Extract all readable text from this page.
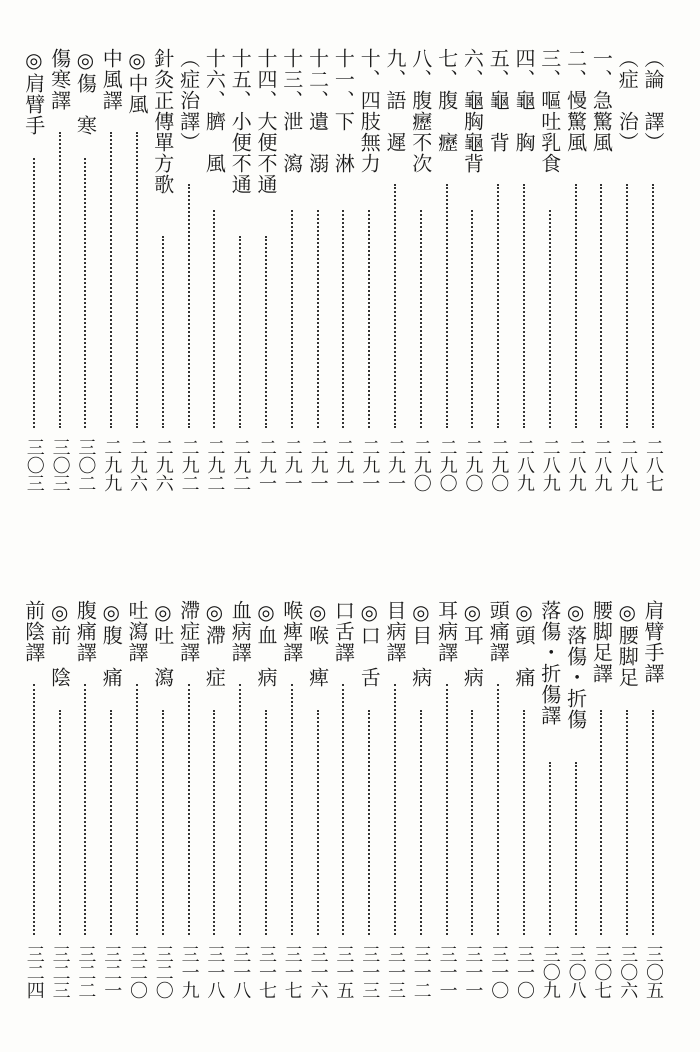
（論　譯）
二八七
（症　治）
二八九
一、急驚風
二八九
二、慢驚風
二八九
三、嘔吐乳食
二八九
四、龜　胸
二八九
五、龜　背
二九〇
六、龜胸龜背
二九〇
七、腹　癧
二九〇
八、腹癧不次
二九〇
九、語　遲
二九一
十、四肢無力
二九一
十一、下　淋
二九一
十二、遺　溺
二九一
十三、泄　瀉
二九一
十四、大便不通
二九一
十五、小便不通
二九二
十六、臍　風
二九二
（症治譯）
二九二
針灸正傳單方歌
二九六
◎中風
二九六
中風譯
二九九
◎傷　寒
三〇二
傷寒譯
三〇三
◎肩臂手
三〇三
肩臂手譯
三〇五
◎腰脚足
三〇六
腰脚足譯
三〇七
◎落傷・折傷
三〇八
落傷・折傷譯
三〇九
◎頭　痛
三一〇
頭痛譯
三一〇
◎耳　病
三一一
耳病譯
三一一
◎目　病
三一二
目病譯
三一三
◎口　舌
三一三
口舌譯
三一五
◎喉　痺
三一六
喉痺譯
三一七
◎血　病
三一七
血病譯
三一八
◎滯　症
三一八
滯症譯
三一九
◎吐　瀉
三二〇
吐瀉譯
三二〇
◎腹　痛
三二一
腹痛譯
三二二
◎前　陰
三二三
前陰譯
三二四
